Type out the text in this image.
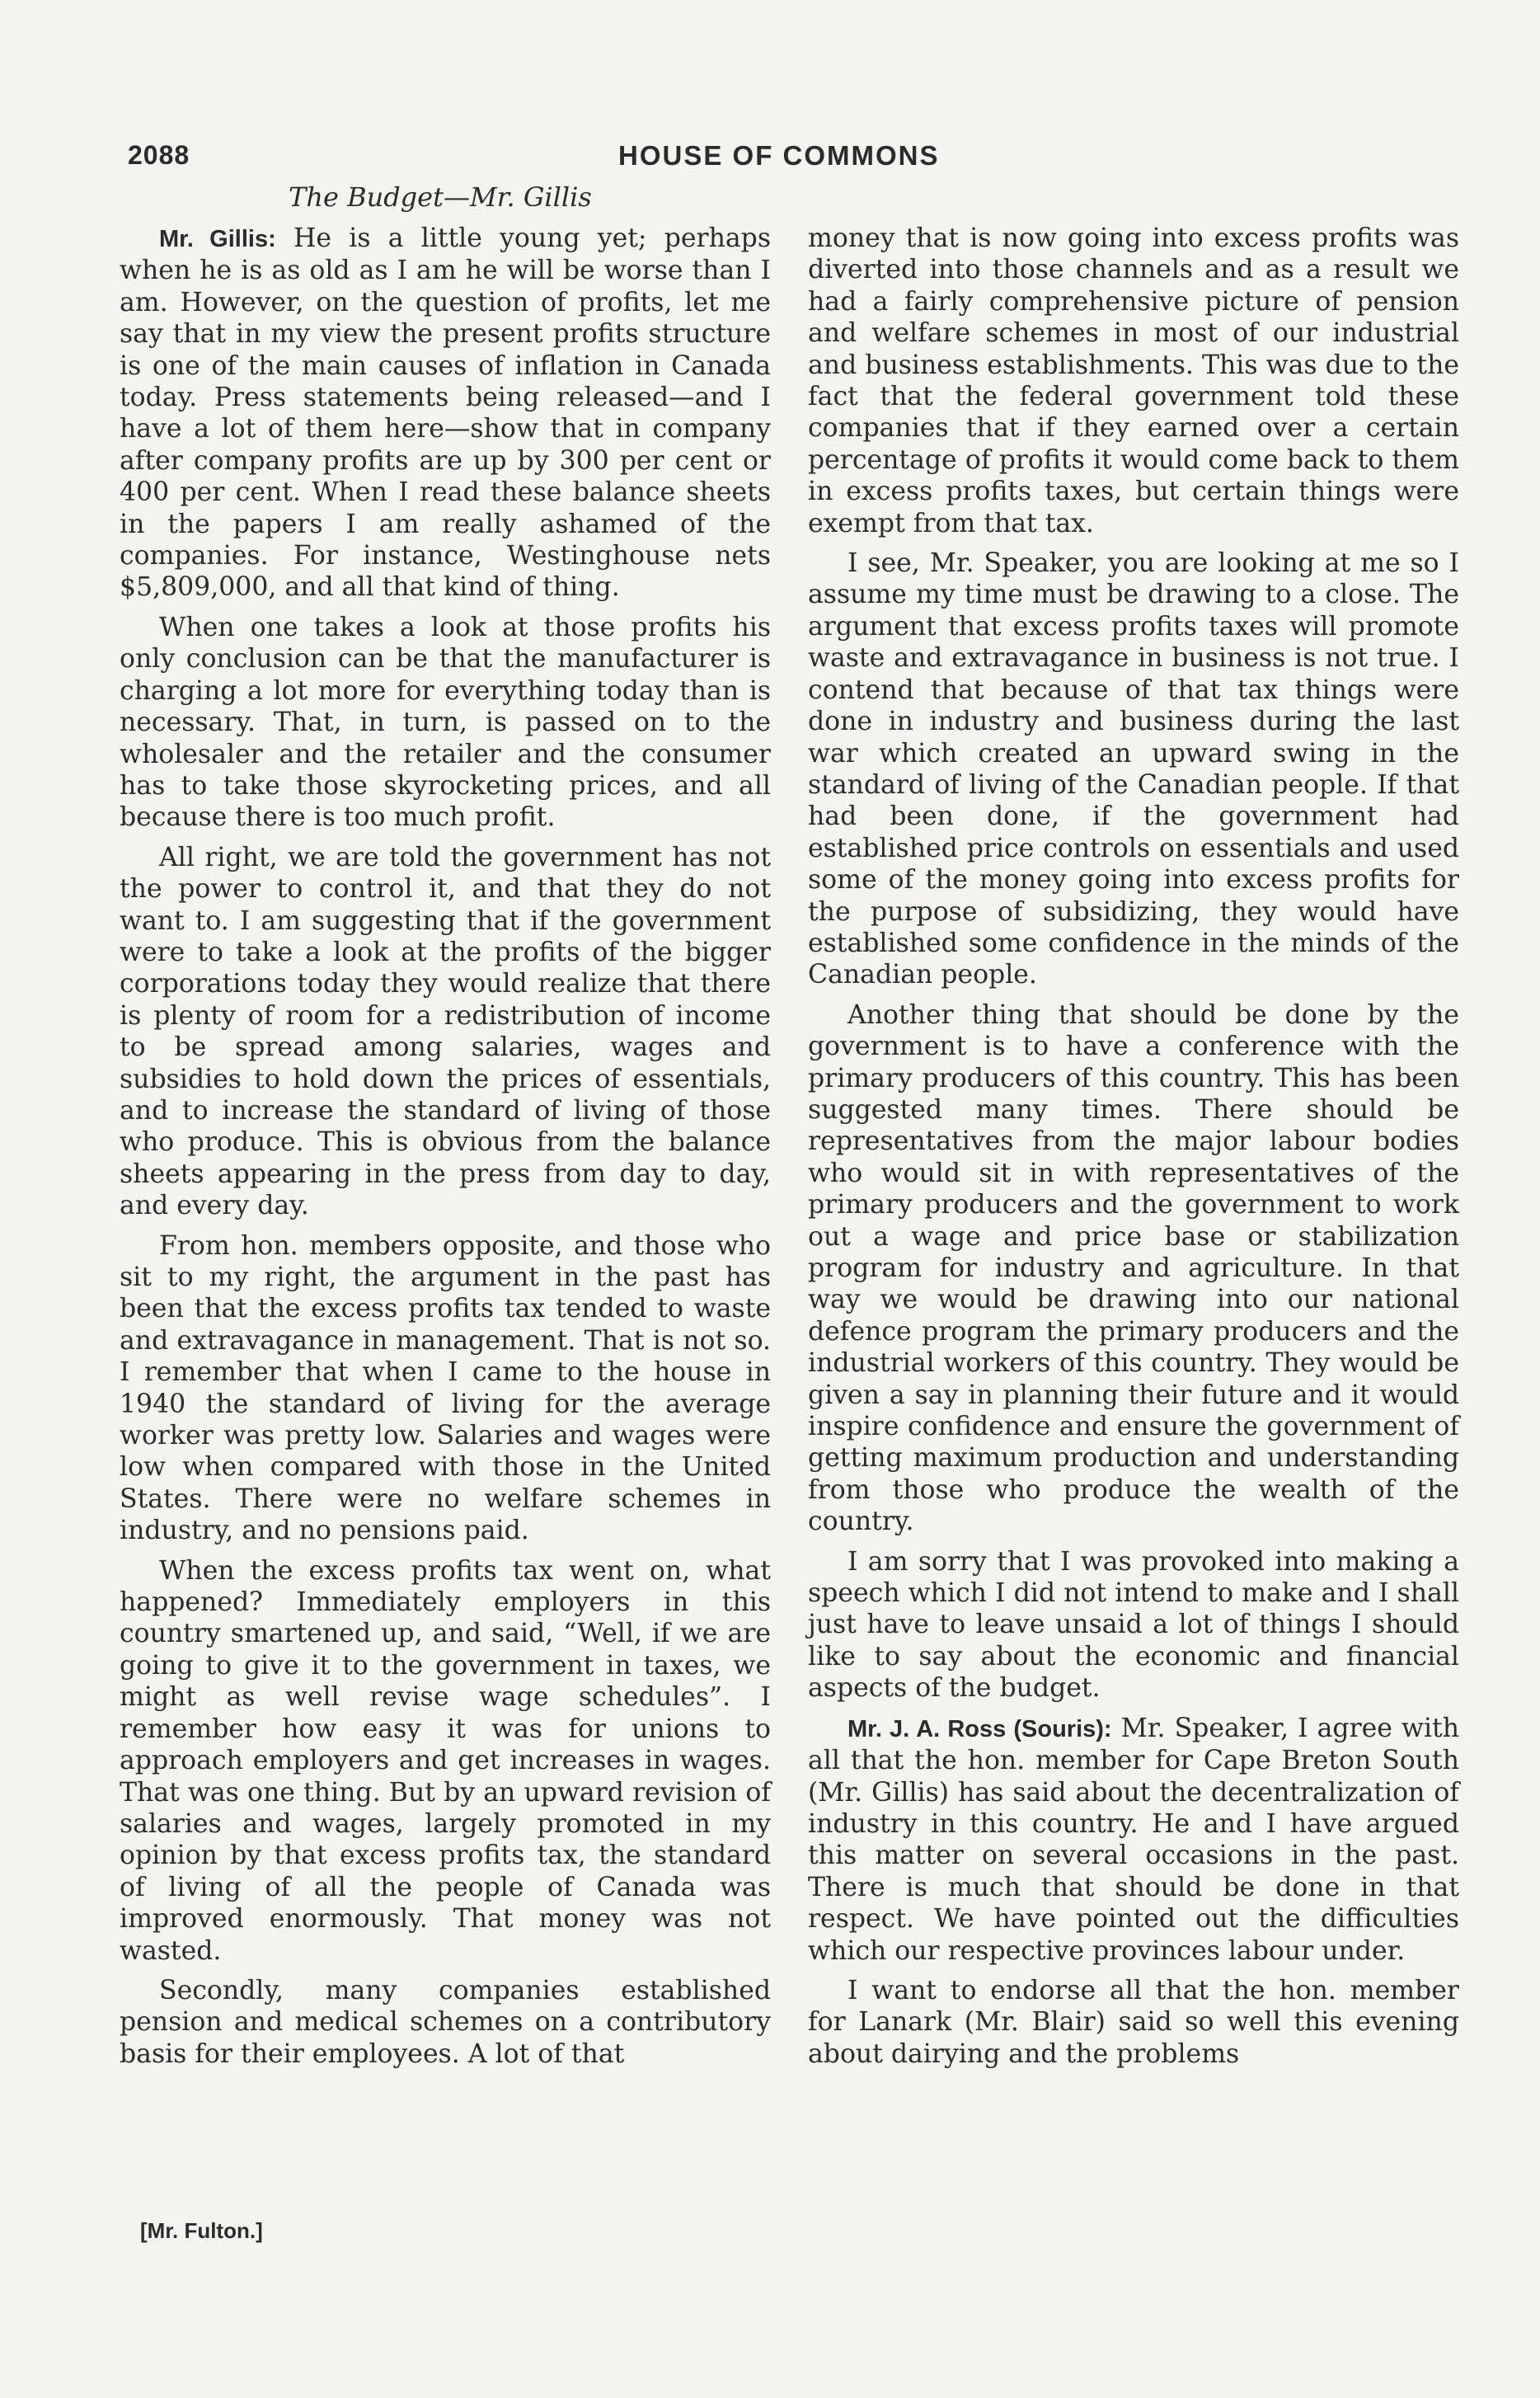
2088	HOUSE OF COMMONS
The Budget—Mr. Gillis

Mr. Gillis: He is a little young yet; perhaps when he is as old as I am he will be worse than I am. However, on the question of profits, let me say that in my view the present profits structure is one of the main causes of inflation in Canada today. Press statements being released—and I have a lot of them here—show that in company after company profits are up by 300 per cent or 400 per cent. When I read these balance sheets in the papers I am really ashamed of the companies. For instance, Westinghouse nets $5,809,000, and all that kind of thing.

When one takes a look at those profits his only conclusion can be that the manufacturer is charging a lot more for everything today than is necessary. That, in turn, is passed on to the wholesaler and the retailer and the consumer has to take those skyrocketing prices, and all because there is too much profit.

All right, we are told the government has not the power to control it, and that they do not want to. I am suggesting that if the government were to take a look at the profits of the bigger corporations today they would realize that there is plenty of room for a redistribution of income to be spread among salaries, wages and subsidies to hold down the prices of essentials, and to increase the standard of living of those who produce. This is obvious from the balance sheets appearing in the press from day to day, and every day.

From hon. members opposite, and those who sit to my right, the argument in the past has been that the excess profits tax tended to waste and extravagance in management. That is not so. I remember that when I came to the house in 1940 the standard of living for the average worker was pretty low. Salaries and wages were low when compared with those in the United States. There were no welfare schemes in industry, and no pensions paid.

When the excess profits tax went on, what happened? Immediately employers in this country smartened up, and said, “Well, if we are going to give it to the government in taxes, we might as well revise wage schedules”. I remember how easy it was for unions to approach employers and get increases in wages. That was one thing. But by an upward revision of salaries and wages, largely promoted in my opinion by that excess profits tax, the standard of living of all the people of Canada was improved enormously. That money was not wasted.

Secondly, many companies established pension and medical schemes on a contributory basis for their employees. A lot of that

money that is now going into excess profits was diverted into those channels and as a result we had a fairly comprehensive picture of pension and welfare schemes in most of our industrial and business establishments. This was due to the fact that the federal government told these companies that if they earned over a certain percentage of profits it would come back to them in excess profits taxes, but certain things were exempt from that tax.

I see, Mr. Speaker, you are looking at me so I assume my time must be drawing to a close. The argument that excess profits taxes will promote waste and extravagance in business is not true. I contend that because of that tax things were done in industry and business during the last war which created an upward swing in the standard of living of the Canadian people. If that had been done, if the government had established price controls on essentials and used some of the money going into excess profits for the purpose of subsidizing, they would have established some confidence in the minds of the Canadian people.

Another thing that should be done by the government is to have a conference with the primary producers of this country. This has been suggested many times. There should be representatives from the major labour bodies who would sit in with representatives of the primary producers and the government to work out a wage and price base or stabilization program for industry and agriculture. In that way we would be drawing into our national defence program the primary producers and the industrial workers of this country. They would be given a say in planning their future and it would inspire confidence and ensure the government of getting maximum production and understanding from those who produce the wealth of the country.

I am sorry that I was provoked into making a speech which I did not intend to make and I shall just have to leave unsaid a lot of things I should like to say about the economic and financial aspects of the budget.

Mr. J. A. Ross (Souris): Mr. Speaker, I agree with all that the hon. member for Cape Breton South (Mr. Gillis) has said about the decentralization of industry in this country. He and I have argued this matter on several occasions in the past. There is much that should be done in that respect. We have pointed out the difficulties which our respective provinces labour under.

I want to endorse all that the hon. member for Lanark (Mr. Blair) said so well this evening about dairying and the problems

[Mr. Fulton.]
